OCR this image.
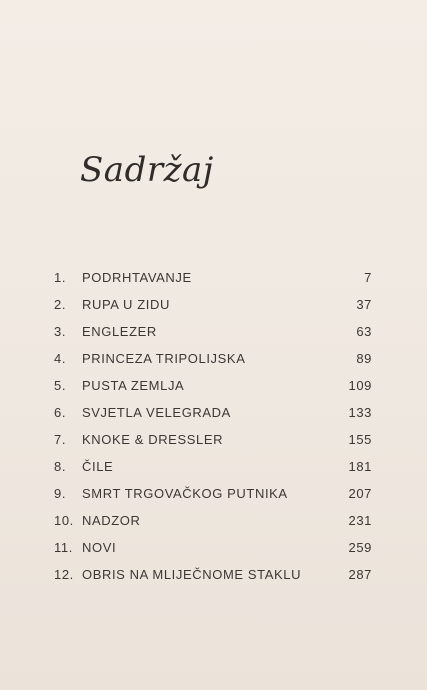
Sadržaj
1.	PODRHTAVANJE	7
2.	RUPA U ZIDU	37
3.	ENGLEZER	63
4.	PRINCEZA TRIPOLIJSKA	89
5.	PUSTA ZEMLJA	109
6.	SVJETLA VELEGRADA	133
7.	KNOKE & DRESSLER	155
8.	ČILE	181
9.	SMRT TRGOVAČKOG PUTNIKA	207
10. NADZOR	231
11. NOVI	259
12. OBRIS NA MLIJEČNOME STAKLU	287
